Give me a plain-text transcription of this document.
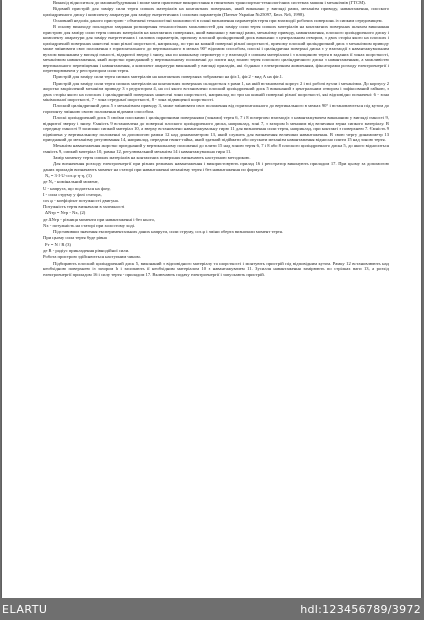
Винахід відноситься до машинобудування і може мати практичне використання в гвинтових транспортно-технологічних системах машин і механізмів (ГТСМ).

Відомий пристрій для заміру сили тертя сипких матеріалів на контактних поверхнях, який виконано у вигляді рами, механізм приводу, навантаження, плоского циліндричного диску і комплекту апаратури для заміру енергетичних і силових параметрів (Патент України №25097, Бюл. №6, 1998).

Основний недолік даного пристрою - обмежені технологічні можливості в плані визначення параметрів тертя при взаємодії робочих поверхонь із сипким середовищем.

В основу винаходу покладено завдання розширення технологічних можливостей для заміру сили тертя сипких матеріалів на контактних поверхнях шляхом виконання пристрою для заміру сили тертя сипких матеріалів на контактних поверхнях, який виконано у вигляді рами, механізму приводу, навантаження, плоского циліндричного диску і комплекту апаратури для заміру енергетичних і силових параметрів, причому плоский циліндричний диск виконано з центральним отвором, з двох сторін якого на плоских і циліндричній поверхнях нанесені зони різної шорсткості, наприклад, по три на кожній поверхні різної шорсткості, причому плоский циліндричний диск з механізмом приводу може змінювати своє положення з горизонтального до вертикального в межах 90° відомим способом, плоскі і циліндрична поверхні диска є у взаємодії з навантажувальним вузлом виконаним у вигляді ємності, відкритої зверху і знизу, яка по нижньому периметру є у взаємодії з сипким матеріалом і з площиною тертя в заданих її зонах шорсткості, механізмом навантаження, який жорстко приєднаний у вертикальному положенні до плити над зоною тертя плоского циліндричного диска з навантаженням, а можливістю вертикального переміщення і навантаження, а комплект апаратури виконаний у вигляді приладів, які з'єднано з електричним живленням, фіксаторами розходу електроенергії і перетворювачем у реєстратором сили тертя.

Пристрій для заміру сили тертя сипких матеріалів на контактних поверхнях зображено на фіг.1, фіг.2 - вид А на фіг.1.

Пристрій для заміру сили тертя сипких матеріалів на контактних поверхнях складається з рами 1, на якій встановлені корпус 2 і всі робочі вузли і механізми. До корпусу 2 жорстко закріплений механізм приводу 3 з редуктором 4, на осі якого встановлено плоский циліндричний диск 5 виконаний з центральним отвором і зафіксований гайкою, з двох сторін якого на плоских і циліндричній поверхнях нанесені зони шорсткості, наприклад по три на кожній поверхні різної шорсткості, які відповідно позначені: 6 - зона мінімальної шорсткості, 7 - зона середньої шорсткості, 8 - зона підвищеної шорсткості.

Плоский циліндричний диск 5 з механізмом приводу 3, може змінювати своє положення від горизонтального до вертикального в межах 90° і встановлюється під кутом до горизонту змінною своєю положення відомим способом.

Плоскі циліндричний диск 5 своїми плоскими і циліндричними поверхнями (зонами) тертя 6, 7 і 8 почергово взаємодіє з навантажувачем виконаним у вигляді ємності 9, відкритої зверху і знизу. Ємність 9 встановлена до поверхні плоского циліндричного диска, наприклад, зоні 7, з зазором h меншим від величини зерна сипкого матеріалу. В середину ємності 9 засипано сипкий матеріал 10, а зверху встановлено навантажувальну гирю 11 для визначення сили тертя, наприклад, при контакті з поверхнею 7. Ємність 9 підвішена у вертикальному положенні за допомогою рамки 12 над динамометром 13, який служить для визначення величини навантаження. В свою чергу динамометр 13 приєднаний до механізму регулювання 14, наприклад, передачи гвинт-гайка, який здатний підіймати або опускати механізм навантаження відносно плити 15 над зоною тертя.

Механізм навантаження жорстко приєднаний у вертикальному положенні до плити 15 над зоною тертя 6, 7 і 8 або 8 плоского циліндричного диска 5, до якого відноситься ємність 9, сипкий матеріал 10, рамка 12, регулювальний механізм 14 і навантажувальна гиря 11.

Замір моменту тертя сипких матеріалів на контактних поверхнях визначають наступною методикою.

Для визначення розходу електроенергії при різних режимах навантаження і використовують прилад 16 і реєстратор виконують приладом 17. При цьому за допомогою даних приладів визначають момент на статорі при навантаженні механізму тертя і без навантаження по формулі

Nₒ = 3·I·U·cos φ·η·η, (1)

де Nₒ - номінальний момент,

U - напруга, що подається на фазу,

I - сила струму у фазі статора,

cos φ - коефіцієнт потужності двигуна.

Потужність тертя визначали в залежності

ΔNтр = Nтр - Nх, (2)

де ΔNтр - різниця моменти при навантаженні і без нього,

Nх - потужність на статорі при холостому ході.

Підставивши значення експериментальних даних напруги, сили струму, cos φ і зміни оберта визначали момент тертя.

При цьому сила тертя буде рівна

Fт = N / R (3)

де R - радіус прикладення рівнодійної сили.

Робота пристрою здійснюється наступним чином.

Підбирають плоский циліндричний диск 5, виконаний з відповідного матеріалу та шорсткості і монтують пристрій під відповідним кутом. Рамку 12 встановлюють над необхідною поверхнею із зазором h і засипають її необхідним матеріалом 10 з навантажувачем 11. Зусилля навантаження замірюють по стрілках ваги 13, а розхід електроенергії приладом 16 і силу тертя - приладом 17. Включають подачу електроенергії і запускають пристрій.

ELARTU	hdl:123456789/3972
